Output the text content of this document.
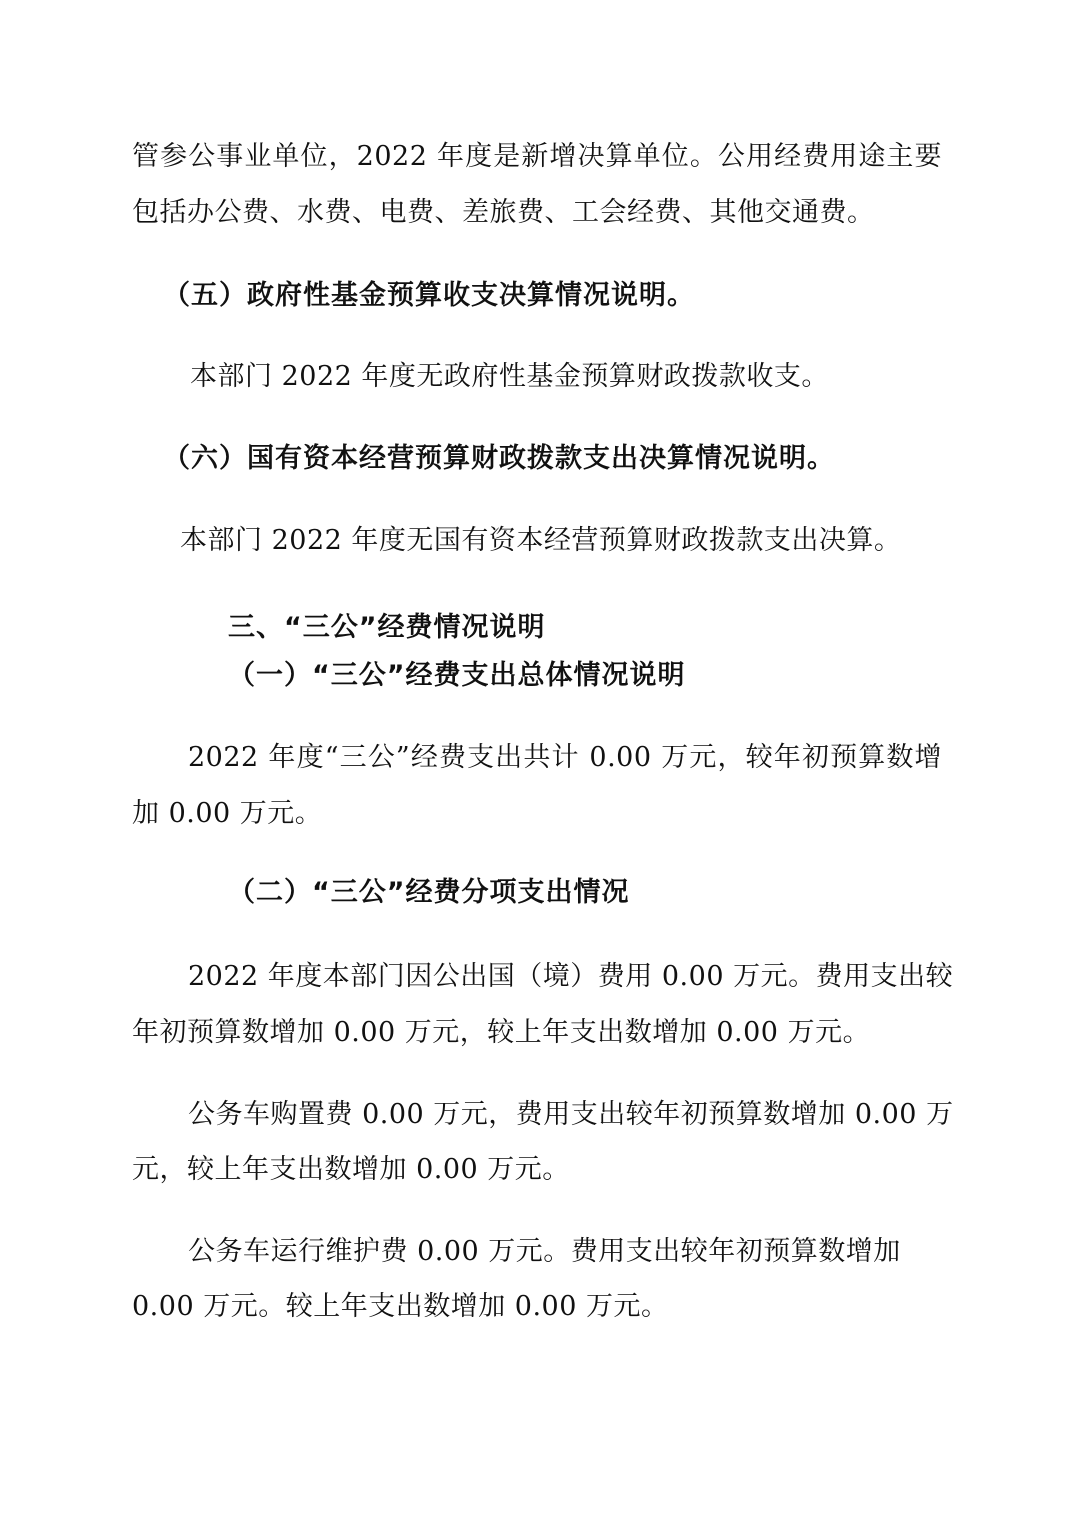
管参公事业单位，2022 年度是新增决算单位。公用经费用途主要
包括办公费、水费、电费、差旅费、工会经费、其他交通费。
（五）政府性基金预算收支决算情况说明。
本部门 2022 年度无政府性基金预算财政拨款收支。
（六）国有资本经营预算财政拨款支出决算情况说明。
本部门 2022 年度无国有资本经营预算财政拨款支出决算。
三、“三公”经费情况说明
（一）“三公”经费支出总体情况说明
2022 年度“三公”经费支出共计 0.00 万元，较年初预算数增
加 0.00 万元。
（二）“三公”经费分项支出情况
2022 年度本部门因公出国（境）费用 0.00 万元。费用支出较
年初预算数增加 0.00 万元，较上年支出数增加 0.00 万元。
公务车购置费 0.00 万元，费用支出较年初预算数增加 0.00 万
元，较上年支出数增加 0.00 万元。
公务车运行维护费 0.00 万元。费用支出较年初预算数增加
0.00 万元。较上年支出数增加 0.00 万元。
